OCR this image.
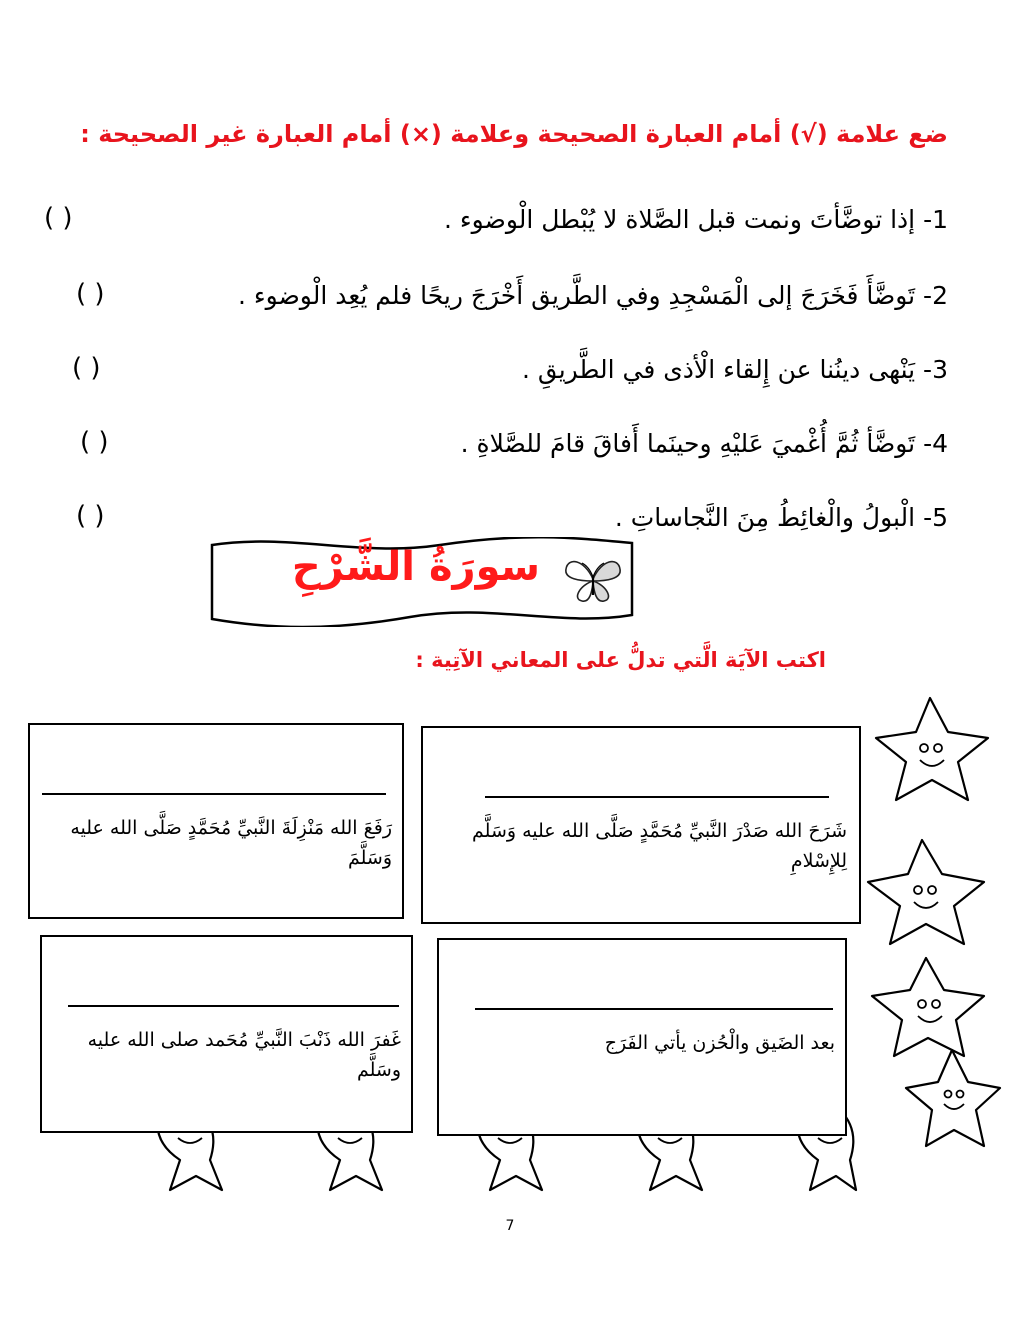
ضع علامة (√) أمام العبارة الصحيحة وعلامة (×) أمام العبارة غير الصحيحة :
1- إذا توضَّأتَ ونمت قبل الصَّلاة لا يُبْطل الْوضوء .
( )
2- تَوضَّأَ فَخَرَجَ إلى الْمَسْجِدِ وفي الطَّريق أَخْرَجَ ريحًا فلم يُعِد الْوضوء .
( )
3- يَنْهى دينُنا عن إِلقاء الْأذى في الطَّريقِ .
( )
4- تَوضَّأ ثُمَّ أُغْميَ عَليْهِ وحينَما أَفاقَ قامَ للصَّلاةِ .
( )
5- الْبولُ والْغائِطُ مِنَ النَّجاساتِ .
( )
سورَةُ الشَّرْحِ
اكتب الآيَة الَّتي تدلُّ على المعاني الآتِية :
شَرَحَ الله صَدْرَ النَّبيِّ مُحَمَّدٍ صَلَّى الله عليه وَسَلَّم لِلإِسْلامِ
رَفَعَ الله مَنْزِلَةَ النَّبيِّ مُحَمَّدٍ صَلَّى الله عليه وَسَلَّمَ
بعد الضَيق والْحُزن يأتي الفَرَج
غَفرَ الله ذَنْبَ النَّبيِّ مُحَمد صلى الله عليه وسَلَّم
7
